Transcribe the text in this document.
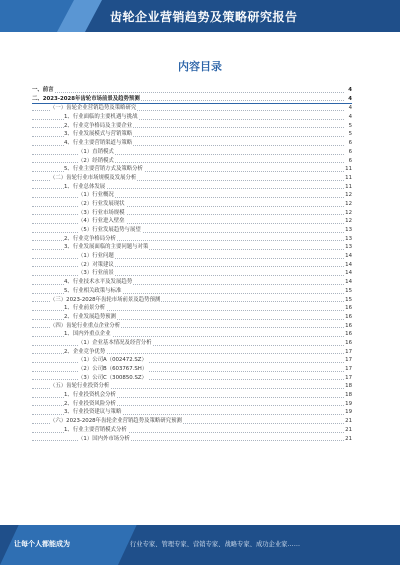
齿轮企业营销趋势及策略研究报告
内容目录
一、前言	4
二、2023-2028年齿轮市场前景及趋势预测	4
（一）齿轮企业营销趋势及策略研究	4
1、行业面临的主要机遇与挑战	4
2、行业竞争格局及主要企业	5
3、行业发展模式与营销策略	5
4、行业主要营销渠道与策略	6
（1）直销模式	6
（2）经销模式	6
5、行业主要营销方式及策略分析	11
（二）齿轮行业市场规模及发展分析	11
1、行业总体发展	11
（1）行业概况	12
（2）行业发展现状	12
（3）行业市场规模	12
（4）行业进入壁垒	12
（5）行业发展趋势与展望	13
2、行业竞争格局分析	13
3、行业发展面临的主要问题与对策	13
（1）行业问题	14
（2）对策建议	14
（3）行业前景	14
4、行业技术水平及发展趋势	14
5、行业相关政策与标准	15
（三）2023-2028年齿轮市场前景及趋势预测	15
1、行业前景分析	16
2、行业发展趋势预测	16
（四）齿轮行业重点企业分析	16
1、国内外重点企业	16
（1）企业基本情况及经营分析	16
2、企业竞争优势	17
（1）公司A（002472.SZ）	17
（2）公司B（603767.SH）	17
（3）公司C（300850.SZ）	17
（五）齿轮行业投资分析	18
1、行业投资机会分析	18
2、行业投资风险分析	19
3、行业投资建议与策略	19
（六）2023-2028年齿轮企业营销趋势及策略研究预测	21
1、行业主要营销模式分析	21
（1）国内外市场分析	21
让每个人都能成为	行业专家、管理专家、营销专家、战略专家、成功企业家……
